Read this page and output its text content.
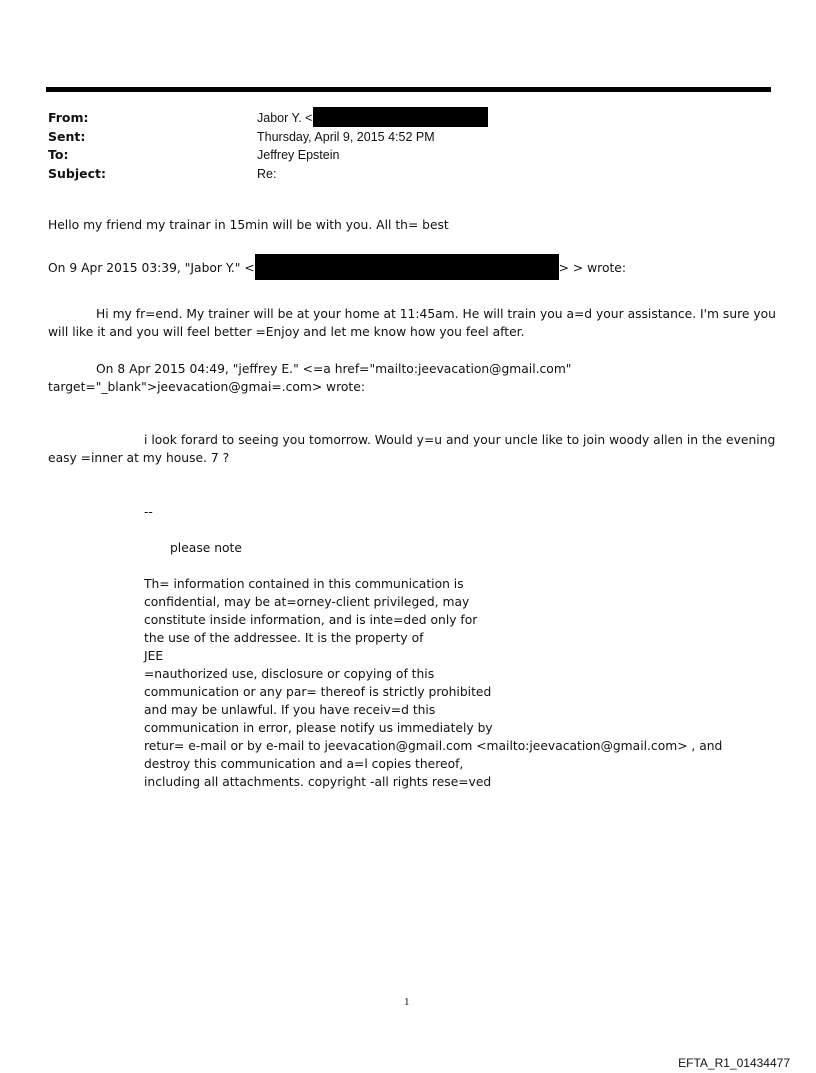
From:	Jabor Y. <
Sent:	Thursday, April 9, 2015 4:52 PM
To:	Jeffrey Epstein
Subject:	Re:
Hello my friend my trainar in 15min will be with you. All th= best
On 9 Apr 2015 03:39, "Jabor Y." <	> > wrote:
Hi my fr=end. My trainer will be at your home at 11:45am. He will train you a=d your assistance. I'm sure you
will like it and you will feel better =Enjoy and let me know how you feel after.
On 8 Apr 2015 04:49, "jeffrey E." <=a href="mailto:jeevacation@gmail.com"
target="_blank">jeevacation@gmai=.com> wrote:
i look forard to seeing you tomorrow. Would y=u and your uncle like to join woody allen in the evening
easy =inner at my house. 7 ?
--
please note
Th= information contained in this communication is
confidential, may be at=orney-client privileged, may
constitute inside information, and is inte=ded only for
the use of the addressee. It is the property of
JEE
=nauthorized use, disclosure or copying of this
communication or any par= thereof is strictly prohibited
and may be unlawful. If you have receiv=d this
communication in error, please notify us immediately by
retur= e-mail or by e-mail to jeevacation@gmail.com <mailto:jeevacation@gmail.com> , and
destroy this communication and a=l copies thereof,
including all attachments. copyright -all rights rese=ved
1
EFTA_R1_01434477
